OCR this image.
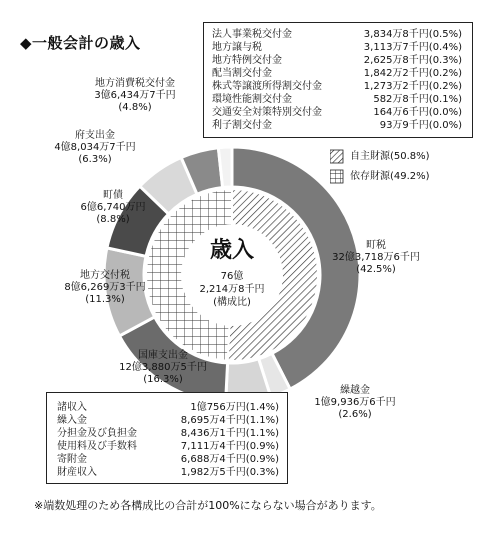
◆一般会計の歳入	法人事業税交付金	3,834万8千円(0.5%)
地方譲与税	3,113万7千円(0.4%)
地方特例交付金	2,625万8千円(0.3%)
配当割交付金	1,842万2千円(0.2%)
株式等譲渡所得割交付金	1,273万2千円(0.2%)
環境性能割交付金	582万8千円(0.1%)
交通安全対策特別交付金	164万6千円(0.0%)
利子割交付金	93万9千円(0.0%)
自主財源(50.8%)
依存財源(49.2%)
歳入
76億
2,214万8千円
(構成比)
町税
32億3,718万6千円
(42.5%)
繰越金
1億9,936万6千円
(2.6%)
国庫支出金
12億3,880万5千円
(16.3%)
地方交付税
8億6,269万3千円
(11.3%)
町債
6億6,740万円
(8.8%)
府支出金
4億8,034万7千円
(6.3%)
地方消費税交付金
3億6,434万7千円
(4.8%)
諸収入	1億756万円(1.4%)
繰入金	8,695万4千円(1.1%)
分担金及び負担金	8,436万1千円(1.1%)
使用料及び手数料	7,111万4千円(0.9%)
寄附金	6,688万4千円(0.9%)
財産収入	1,982万5千円(0.3%)
※端数処理のため各構成比の合計が100%にならない場合があります。
